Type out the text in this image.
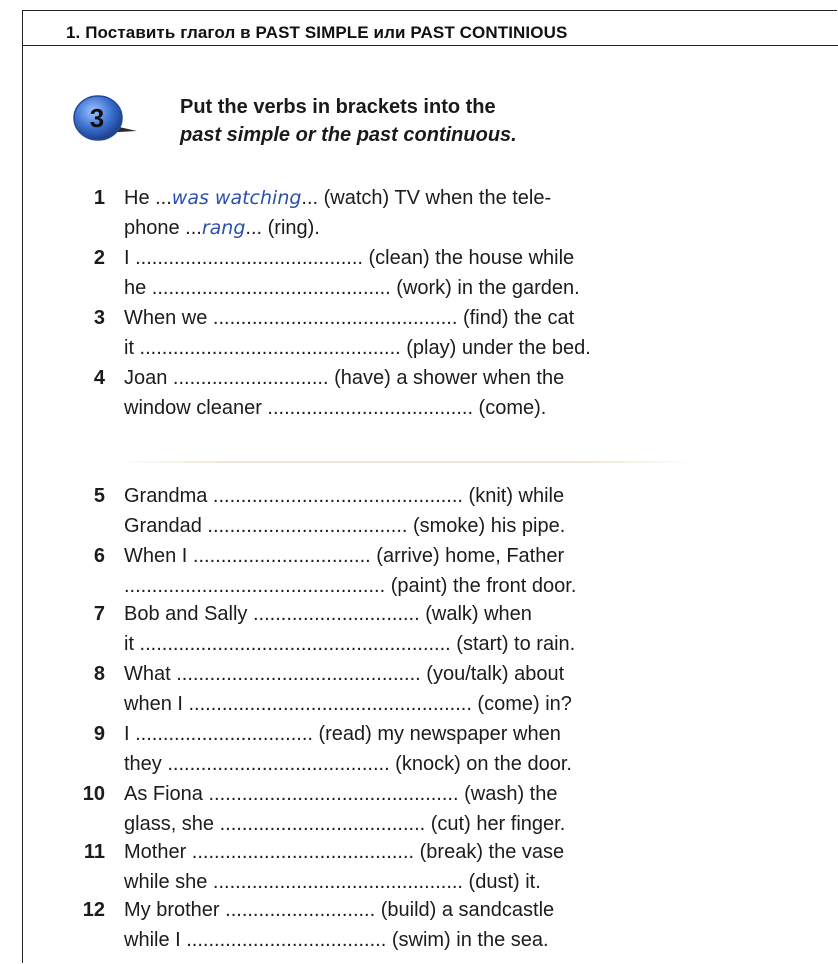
1. Поставить глагол в PAST SIMPLE или PAST CONTINIOUS
3	Put the verbs in brackets into the
past simple or the past continuous.
1 He ...was watching... (watch) TV when the tele-
phone ...rang... (ring).
2 I ......................................... (clean) the house while
he ........................................... (work) in the garden.
3 When we ............................................ (find) the cat
it ............................................... (play) under the bed.
4 Joan ............................ (have) a shower when the
window cleaner ..................................... (come).
5 Grandma ............................................. (knit) while
Grandad .................................... (smoke) his pipe.
6 When I ................................ (arrive) home, Father
............................................... (paint) the front door.
7 Bob and Sally .............................. (walk) when
it ........................................................ (start) to rain.
8 What ............................................ (you/talk) about
when I ................................................... (come) in?
9 I ................................ (read) my newspaper when
they ........................................ (knock) on the door.
10 As Fiona ............................................. (wash) the
glass, she ..................................... (cut) her finger.
11 Mother ........................................ (break) the vase
while she ............................................. (dust) it.
12 My brother ........................... (build) a sandcastle
while I .................................... (swim) in the sea.
